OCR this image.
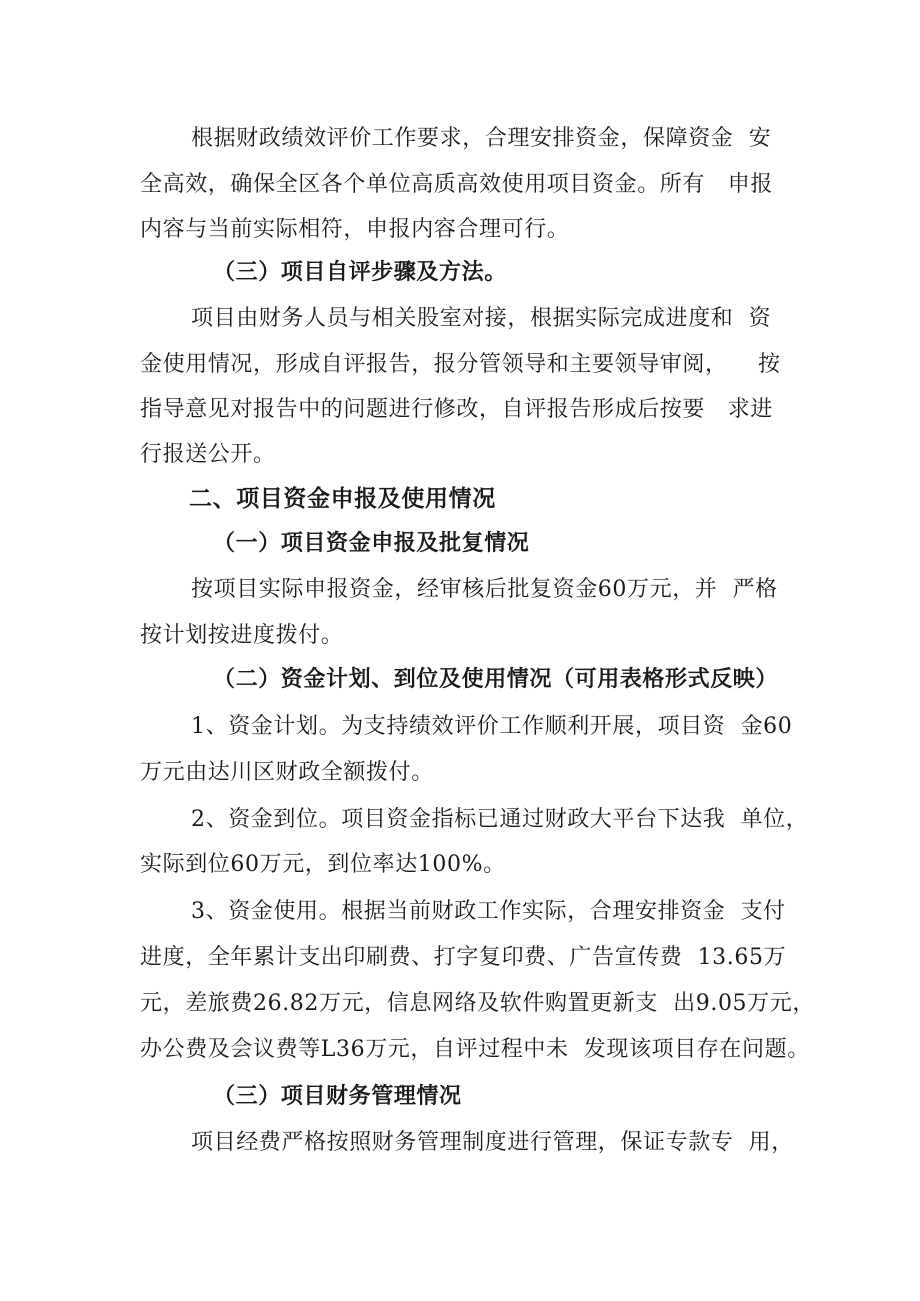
根据财政绩效评价工作要求，合理安排资金，保障资金  安
全高效，确保全区各个单位高质高效使用项目资金。所有   申报
内容与当前实际相符，申报内容合理可行。
（三）项目自评步骤及方法。
项目由财务人员与相关股室对接，根据实际完成进度和  资
金使用情况，形成自评报告，报分管领导和主要领导审阅，    按
指导意见对报告中的问题进行修改，自评报告形成后按要   求进
行报送公开。
二、项目资金申报及使用情况
（一）项目资金申报及批复情况
按项目实际申报资金，经审核后批复资金60万元，并  严格
按计划按进度拨付。
（二）资金计划、到位及使用情况（可用表格形式反映）
1、资金计划。为支持绩效评价工作顺利开展，项目资  金60
万元由达川区财政全额拨付。
2、资金到位。项目资金指标已通过财政大平台下达我  单位，
实际到位60万元，到位率达100%。
3、资金使用。根据当前财政工作实际，合理安排资金  支付
进度，全年累计支出印刷费、打字复印费、广告宣传费  13.65万
元，差旅费26.82万元，信息网络及软件购置更新支  出9.05万元，
办公费及会议费等L36万元，自评过程中未  发现该项目存在问题。
（三）项目财务管理情况
项目经费严格按照财务管理制度进行管理，保证专款专  用，
